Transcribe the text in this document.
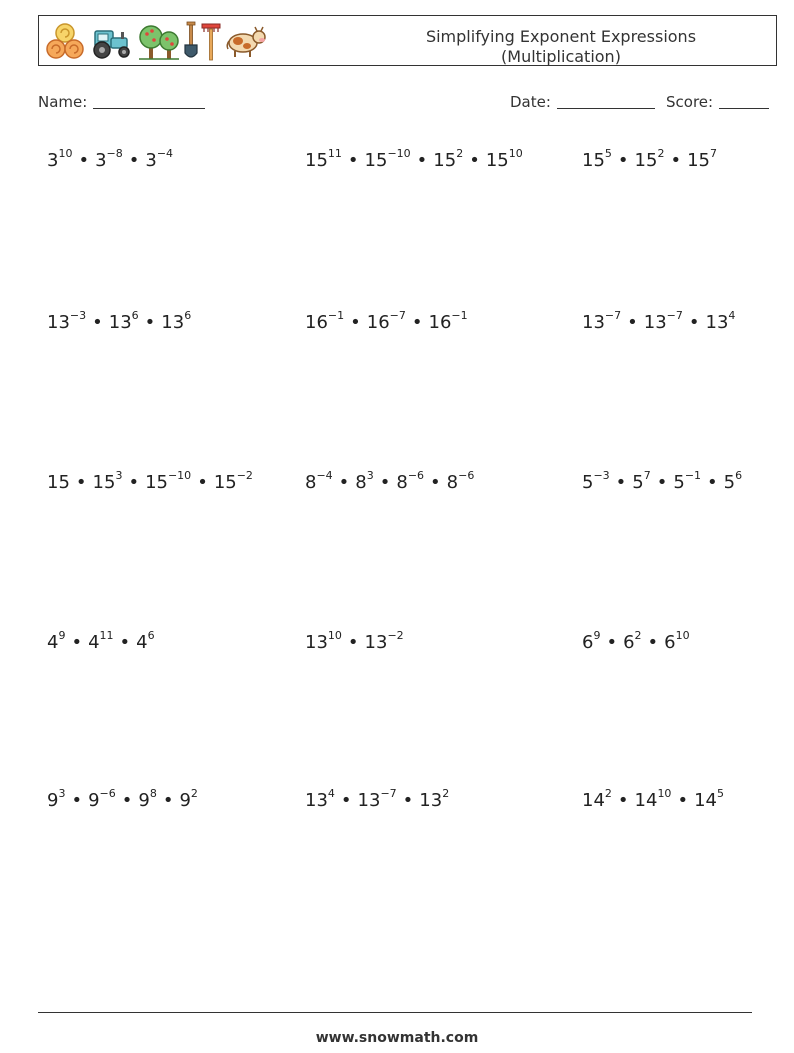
Simplifying Exponent Expressions
(Multiplication)
Name:	Date:	Score:
$3^{10}$ • $3^{-8}$ • $3^{-4}$	$15^{11}$ • $15^{-10}$ • $15^2$ • $15^{10}$	$15^5$ • $15^2$ • $15^7$
$13^{-3}$ • $13^6$ • $13^6$	$16^{-1}$ • $16^{-7}$ • $16^{-1}$	$13^{-7}$ • $13^{-7}$ • $13^4$
15 • $15^3$ • $15^{-10}$ • $15^{-2}$	$8^{-4}$ • $8^3$ • $8^{-6}$ • $8^{-6}$	$5^{-3}$ • $5^7$ • $5^{-1}$ • $5^6$
$4^9$ • $4^{11}$ • $4^6$	$13^{10}$ • $13^{-2}$	$6^9$ • $6^2$ • $6^{10}$
$9^3$ • $9^{-6}$ • $9^8$ • $9^2$	$13^4$ • $13^{-7}$ • $13^2$	$14^2$ • $14^{10}$ • $14^5$
www.snowmath.com
